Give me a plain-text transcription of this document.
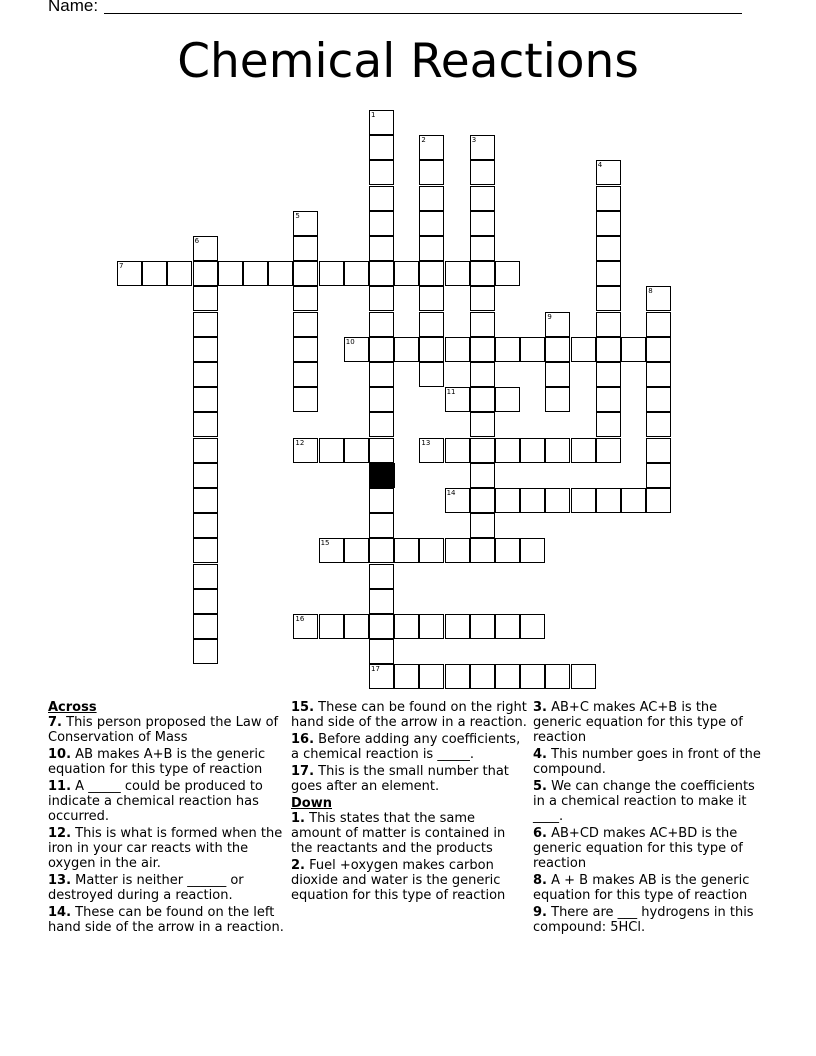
Name:
Chemical Reactions
7
10
11
12	13
14
15
16
17
1
2	3
4
5
6
8
9

Across

7. This person proposed the Law of Conservation of Mass

10. AB makes A+B is the generic equation for this type of reaction

11. A _____ could be produced to indicate a chemical reaction has occurred.

12. This is what is formed when the iron in your car reacts with the oxygen in the air.

13. Matter is neither ______ or destroyed during a reaction.

14. These can be found on the left hand side of the arrow in a reaction.

15. These can be found on the right hand side of the arrow in a reaction.

16. Before adding any coefficients, a chemical reaction is _____.

17. This is the small number that goes after an element.

Down

1. This states that the same amount of matter is contained in the reactants and the products

2. Fuel +oxygen makes carbon dioxide and water is the generic equation for this type of reaction

3. AB+C makes AC+B is the generic equation for this type of reaction

4. This number goes in front of the compound.

5. We can change the coefficients in a chemical reaction to make it ____.

6. AB+CD makes AC+BD is the generic equation for this type of reaction

8. A + B makes AB is the generic equation for this type of reaction

9. There are ___ hydrogens in this compound: 5HCl.
